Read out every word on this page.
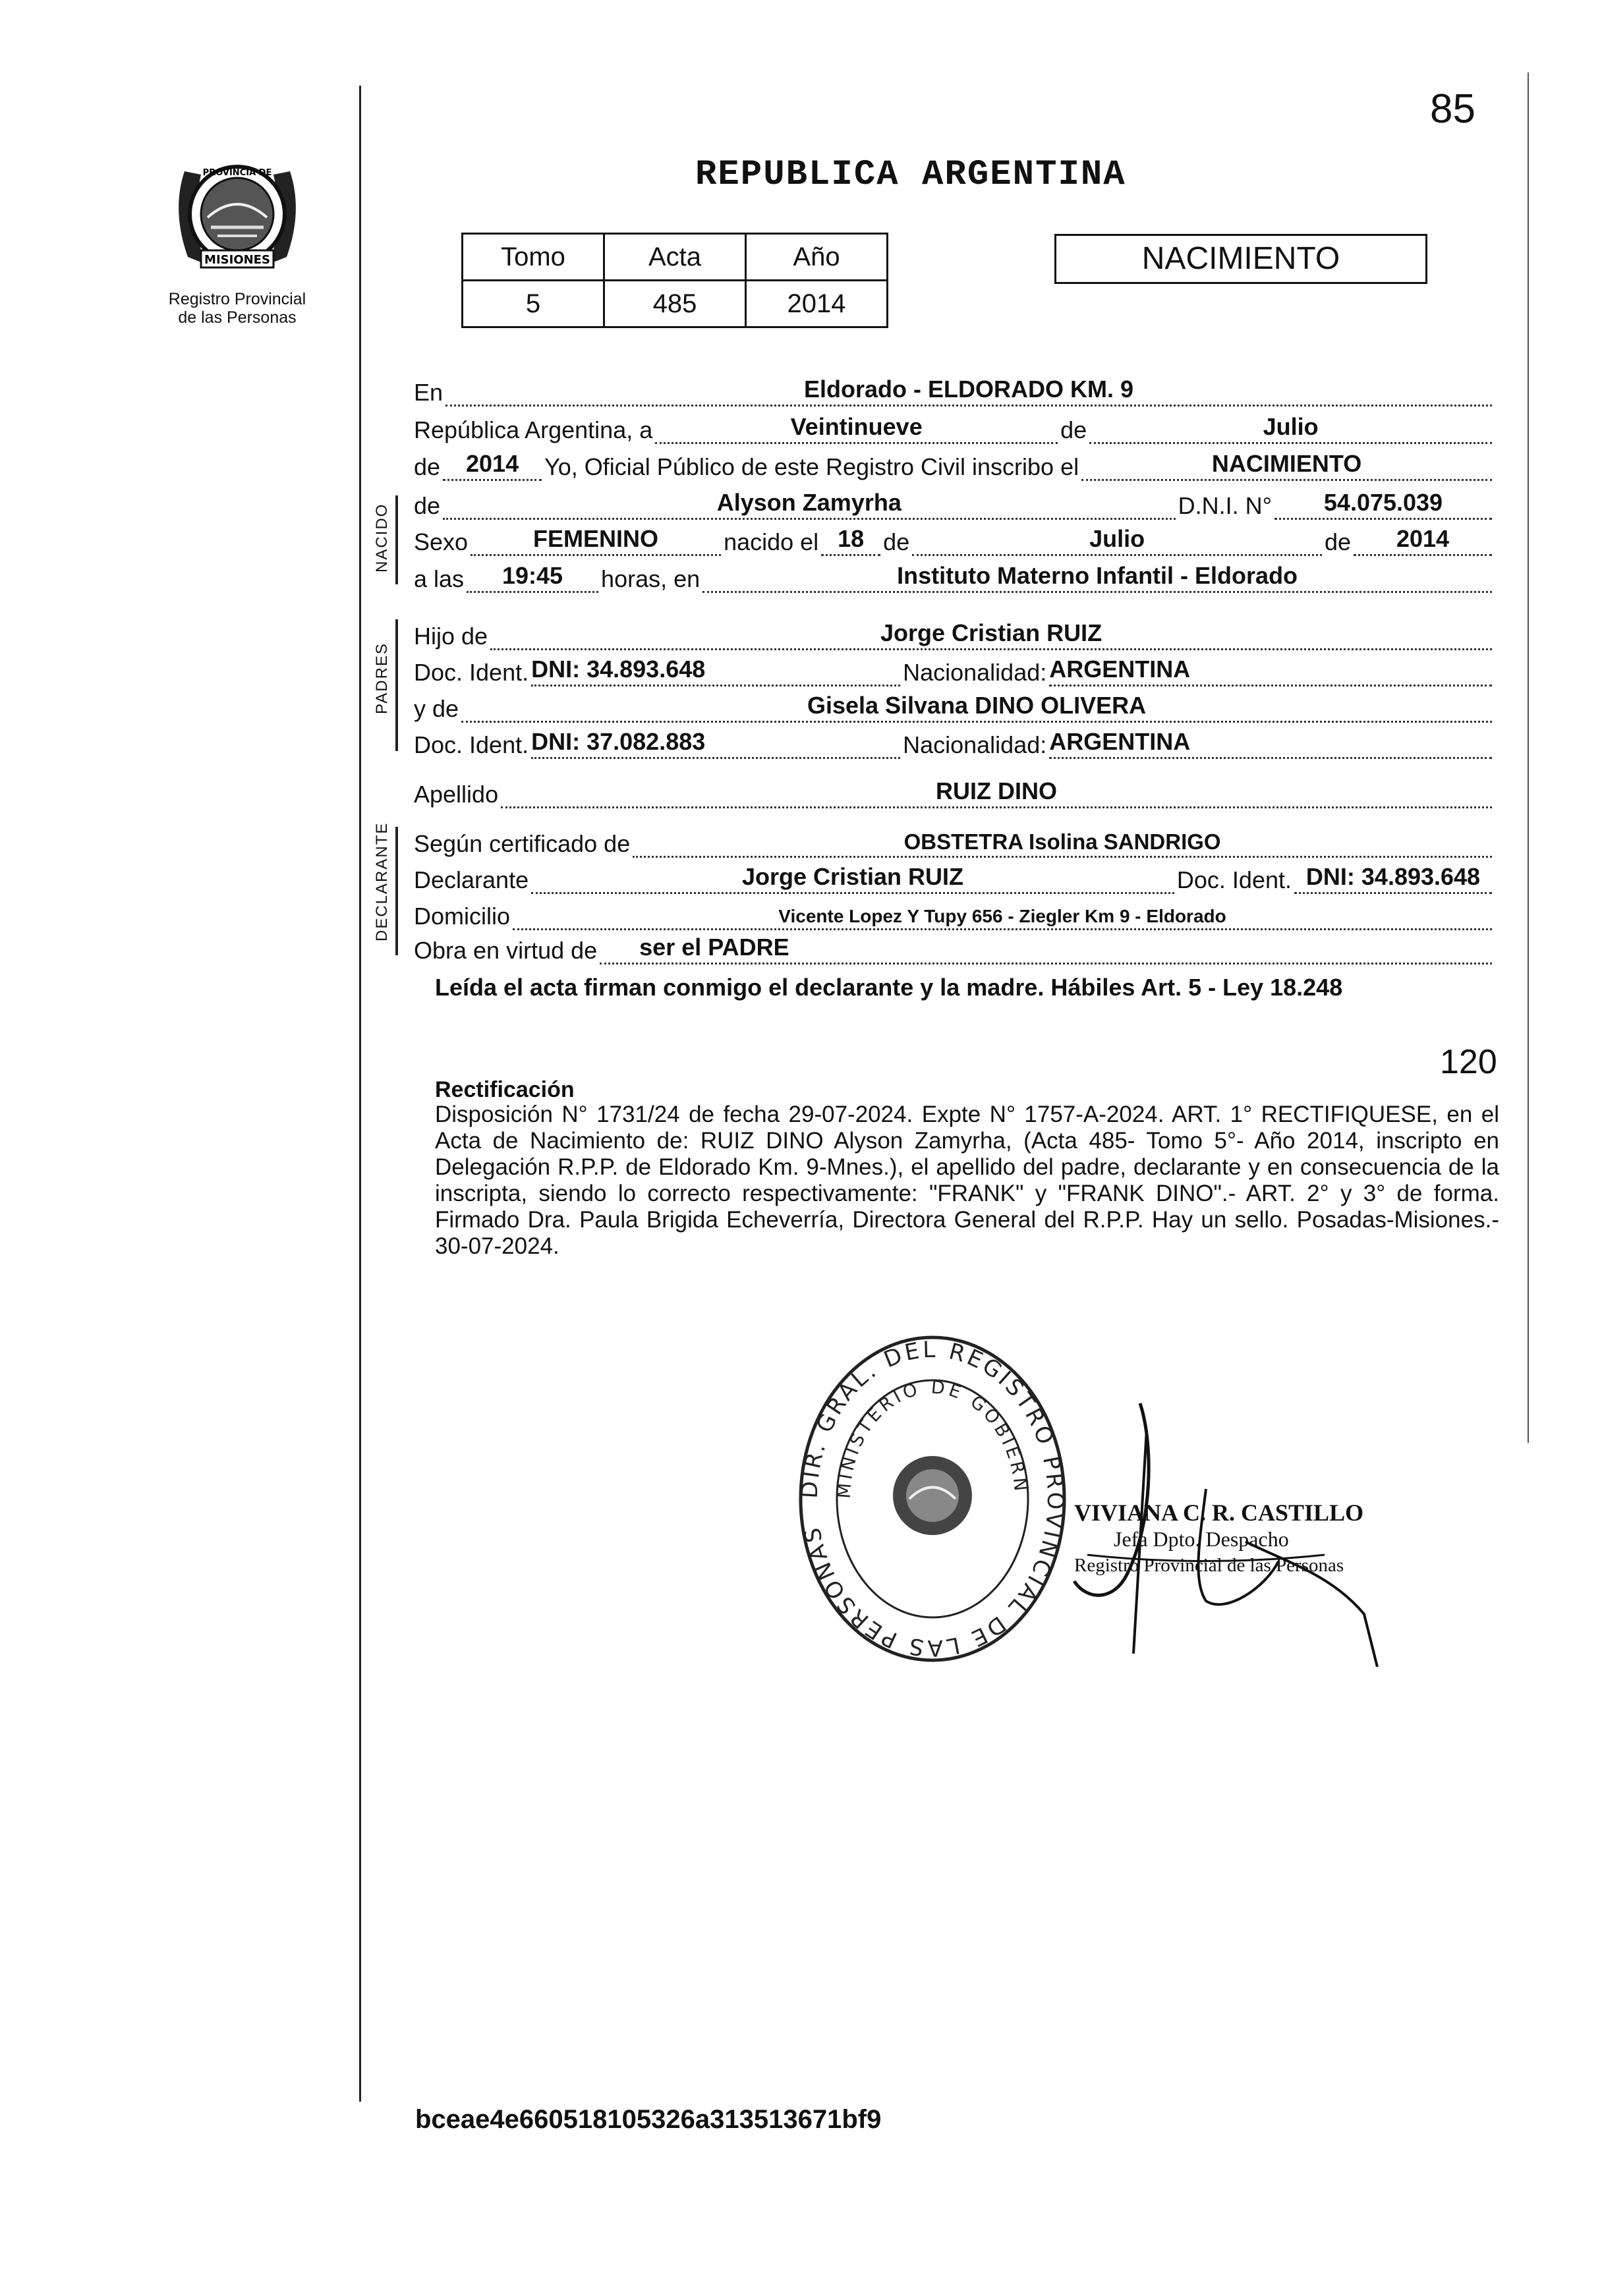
MISIONES
PROVINCIA DE
Registro Provincial
de las Personas
85
REPUBLICA ARGENTINA
Tomo	Acta	Año
5	485	2014
NACIMIENTO
NACIDO
PADRES
DECLARANTE
En	Eldorado - ELDORADO KM. 9
República Argentina, a	Veintinueve	de	Julio
de	2014	Yo, Oficial Público de este Registro Civil inscribo el	NACIMIENTO
de	Alyson Zamyrha	D.N.I. N°	54.075.039
Sexo	FEMENINO	nacido el 18 de	Julio	de	2014
a las	19:45	horas, en	Instituto Materno Infantil - Eldorado
Hijo de	Jorge Cristian RUIZ
Doc. Ident. DNI: 34.893.648	Nacionalidad: ARGENTINA
y de	Gisela Silvana DINO OLIVERA
Doc. Ident. DNI: 37.082.883	Nacionalidad: ARGENTINA
Apellido	RUIZ DINO
Según certificado de	OBSTETRA Isolina SANDRIGO
Declarante	Jorge Cristian RUIZ	Doc. Ident. DNI: 34.893.648
Domicilio	Vicente Lopez Y Tupy 656 - Ziegler Km 9 - Eldorado
Obra en virtud de	ser el PADRE
Leída el acta firman conmigo el declarante y la madre. Hábiles Art. 5 - Ley 18.248
120
Rectificación
Disposición N° 1731/24 de fecha 29-07-2024. Expte N° 1757-A-2024. ART. 1° RECTIFIQUESE, en el Acta de Nacimiento de: RUIZ DINO Alyson Zamyrha, (Acta 485- Tomo 5°- Año 2014, inscripto en Delegación R.P.P. de Eldorado Km. 9-Mnes.), el apellido del padre, declarante y en consecuencia de la inscripta, siendo lo correcto respectivamente: "FRANK" y "FRANK DINO".- ART. 2° y 3° de forma. Firmado Dra. Paula Brigida Echeverría, Directora General del R.P.P. Hay un sello. Posadas-Misiones.- 30-07-2024.
DIR. GRAL. DEL REGISTRO PROVINCIAL DE LAS PERSONAS
MINISTERIO DE GOBIERN
VIVIANA C. R. CASTILLO
Jefa Dpto. Despacho
Registro Provincial de las Personas
bceae4e660518105326a313513671bf9
